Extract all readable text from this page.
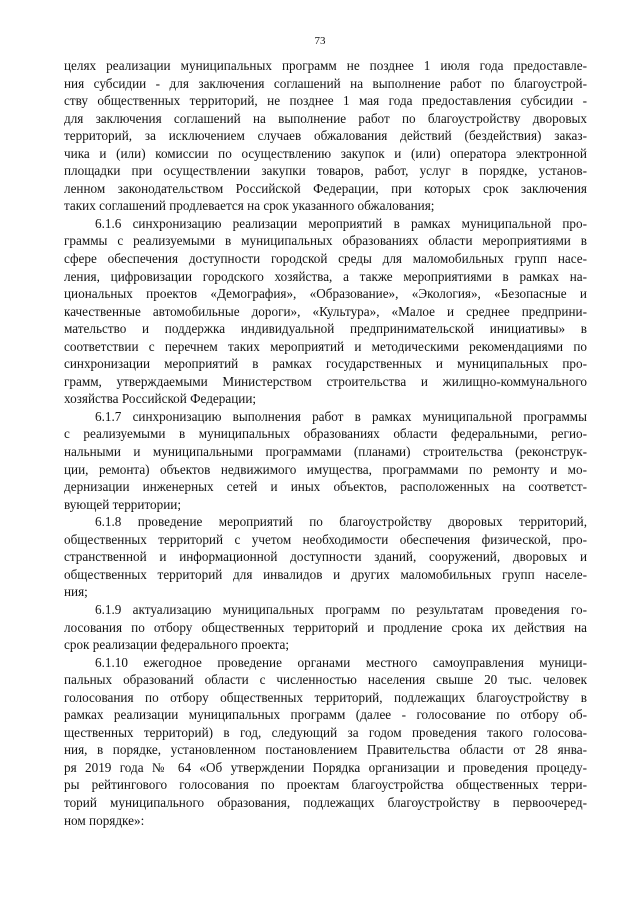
73
целях реализации муниципальных программ не позднее 1 июля года предоставле-
ния субсидии - для заключения соглашений на выполнение работ по благоустрой-
ству общественных территорий, не позднее 1 мая года предоставления субсидии -
для заключения соглашений на выполнение работ по благоустройству дворовых
территорий, за исключением случаев обжалования действий (бездействия) заказ-
чика и (или) комиссии по осуществлению закупок и (или) оператора электронной
площадки при осуществлении закупки товаров, работ, услуг в порядке, установ-
ленном законодательством Российской Федерации, при которых срок заключения
таких соглашений продлевается на срок указанного обжалования;
6.1.6 синхронизацию реализации мероприятий в рамках муниципальной про-
граммы с реализуемыми в муниципальных образованиях области мероприятиями в
сфере обеспечения доступности городской среды для маломобильных групп насе-
ления, цифровизации городского хозяйства, а также мероприятиями в рамках на-
циональных проектов «Демография», «Образование», «Экология», «Безопасные и
качественные автомобильные дороги», «Культура», «Малое и среднее предприни-
мательство и поддержка индивидуальной предпринимательской инициативы» в
соответствии с перечнем таких мероприятий и методическими рекомендациями по
синхронизации мероприятий в рамках государственных и муниципальных про-
грамм, утверждаемыми Министерством строительства и жилищно-коммунального
хозяйства Российской Федерации;
6.1.7 синхронизацию выполнения работ в рамках муниципальной программы
с реализуемыми в муниципальных образованиях области федеральными, регио-
нальными и муниципальными программами (планами) строительства (реконструк-
ции, ремонта) объектов недвижимого имущества, программами по ремонту и мо-
дернизации инженерных сетей и иных объектов, расположенных на соответст-
вующей территории;
6.1.8 проведение мероприятий по благоустройству дворовых территорий,
общественных территорий с учетом необходимости обеспечения физической, про-
странственной и информационной доступности зданий, сооружений, дворовых и
общественных территорий для инвалидов и других маломобильных групп населе-
ния;
6.1.9 актуализацию муниципальных программ по результатам проведения го-
лосования по отбору общественных территорий и продление срока их действия на
срок реализации федерального проекта;
6.1.10 ежегодное проведение органами местного самоуправления муници-
пальных образований области с численностью населения свыше 20 тыс. человек
голосования по отбору общественных территорий, подлежащих благоустройству в
рамках реализации муниципальных программ (далее - голосование по отбору об-
щественных территорий) в год, следующий за годом проведения такого голосова-
ния, в порядке, установленном постановлением Правительства области от 28 янва-
ря 2019 года № 64 «Об утверждении Порядка организации и проведения процеду-
ры рейтингового голосования по проектам благоустройства общественных терри-
торий муниципального образования, подлежащих благоустройству в первоочеред-
ном порядке»:
